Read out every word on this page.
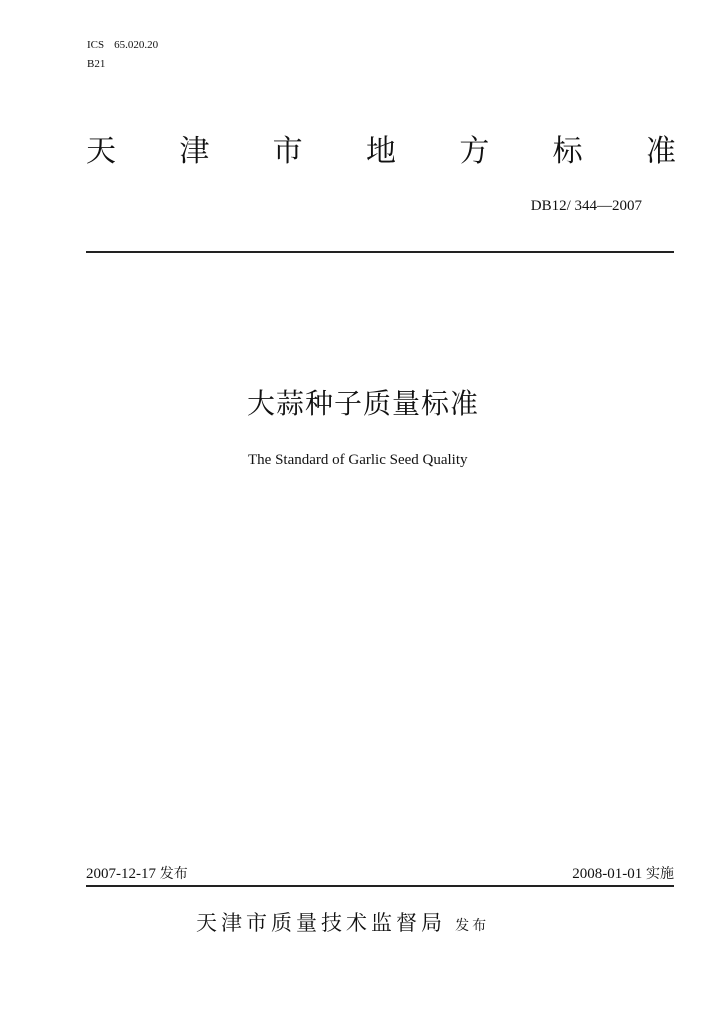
ICS 65.020.20
B21
天 津 市 地 方 标 准
DB12/ 344—2007
大蒜种子质量标准
The Standard of Garlic Seed Quality
2007-12-17 发布	2008-01-01 实施
天津市质量技术监督局 发布
